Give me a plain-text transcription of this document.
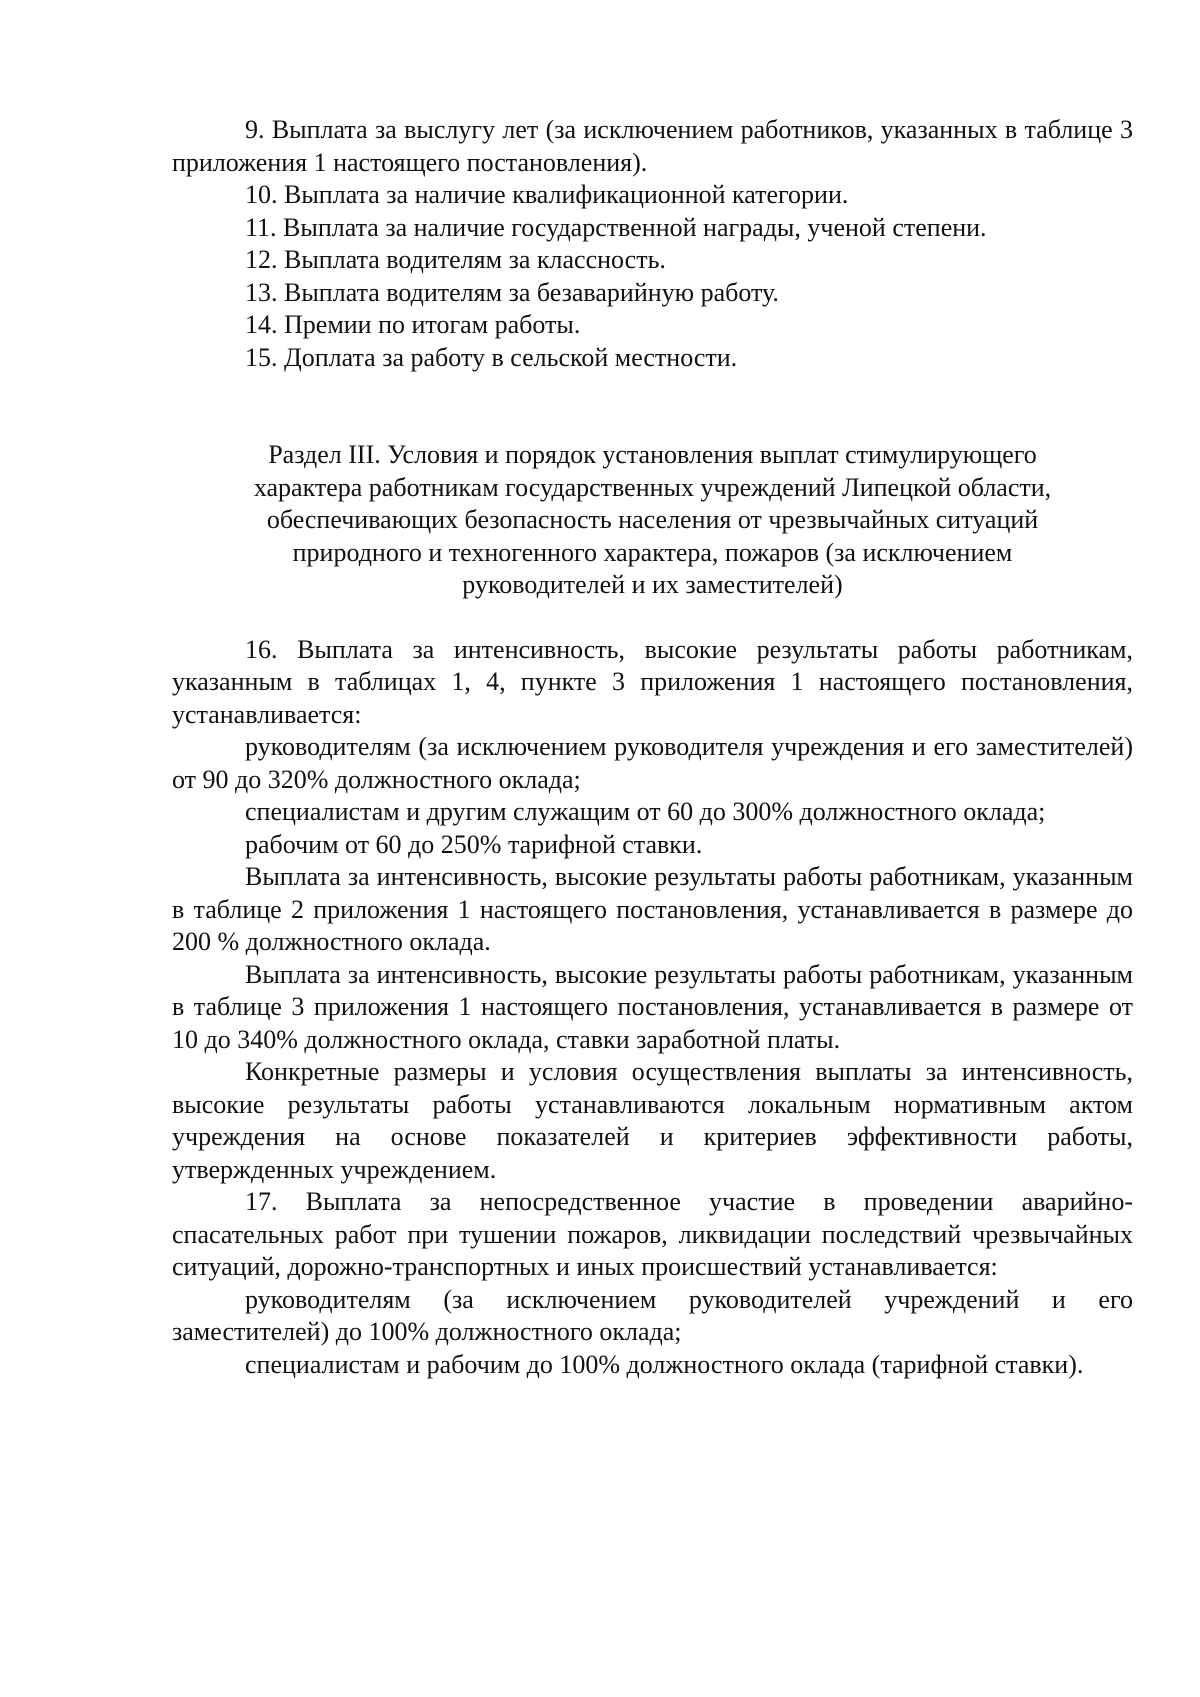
9. Выплата за выслугу лет (за исключением работников, указанных в таблице 3 приложения 1 настоящего постановления).

10. Выплата за наличие квалификационной категории.

11. Выплата за наличие государственной награды, ученой степени.

12. Выплата водителям за классность.

13. Выплата водителям за безаварийную работу.

14. Премии по итогам работы.

15. Доплата за работу в сельской местности.

Раздел III. Условия и порядок установления выплат стимулирующего

характера работникам государственных учреждений Липецкой области,

обеспечивающих безопасность населения от чрезвычайных ситуаций

природного и техногенного характера, пожаров (за исключением

руководителей и их заместителей)

16. Выплата за интенсивность, высокие результаты работы работникам, указанным в таблицах 1, 4, пункте 3 приложения 1 настоящего постановления, устанавливается:

руководителям (за исключением руководителя учреждения и его заместителей) от 90 до 320% должностного оклада;

специалистам и другим служащим от 60 до 300% должностного оклада;

рабочим от 60 до 250% тарифной ставки.

Выплата за интенсивность, высокие результаты работы работникам, указанным в таблице 2 приложения 1 настоящего постановления, устанавливается в размере до 200 % должностного оклада.

Выплата за интенсивность, высокие результаты работы работникам, указанным в таблице 3 приложения 1 настоящего постановления, устанавливается в размере от 10 до 340% должностного оклада, ставки заработной платы.

Конкретные размеры и условия осуществления выплаты за интенсивность, высокие результаты работы устанавливаются локальным нормативным актом учреждения на основе показателей и критериев эффективности работы, утвержденных учреждением.

17. Выплата за непосредственное участие в проведении аварийно-спасательных работ при тушении пожаров, ликвидации последствий чрезвычайных ситуаций, дорожно-транспортных и иных происшествий устанавливается:

руководителям (за исключением руководителей учреждений и его заместителей) до 100% должностного оклада;

специалистам и рабочим до 100% должностного оклада (тарифной ставки).
